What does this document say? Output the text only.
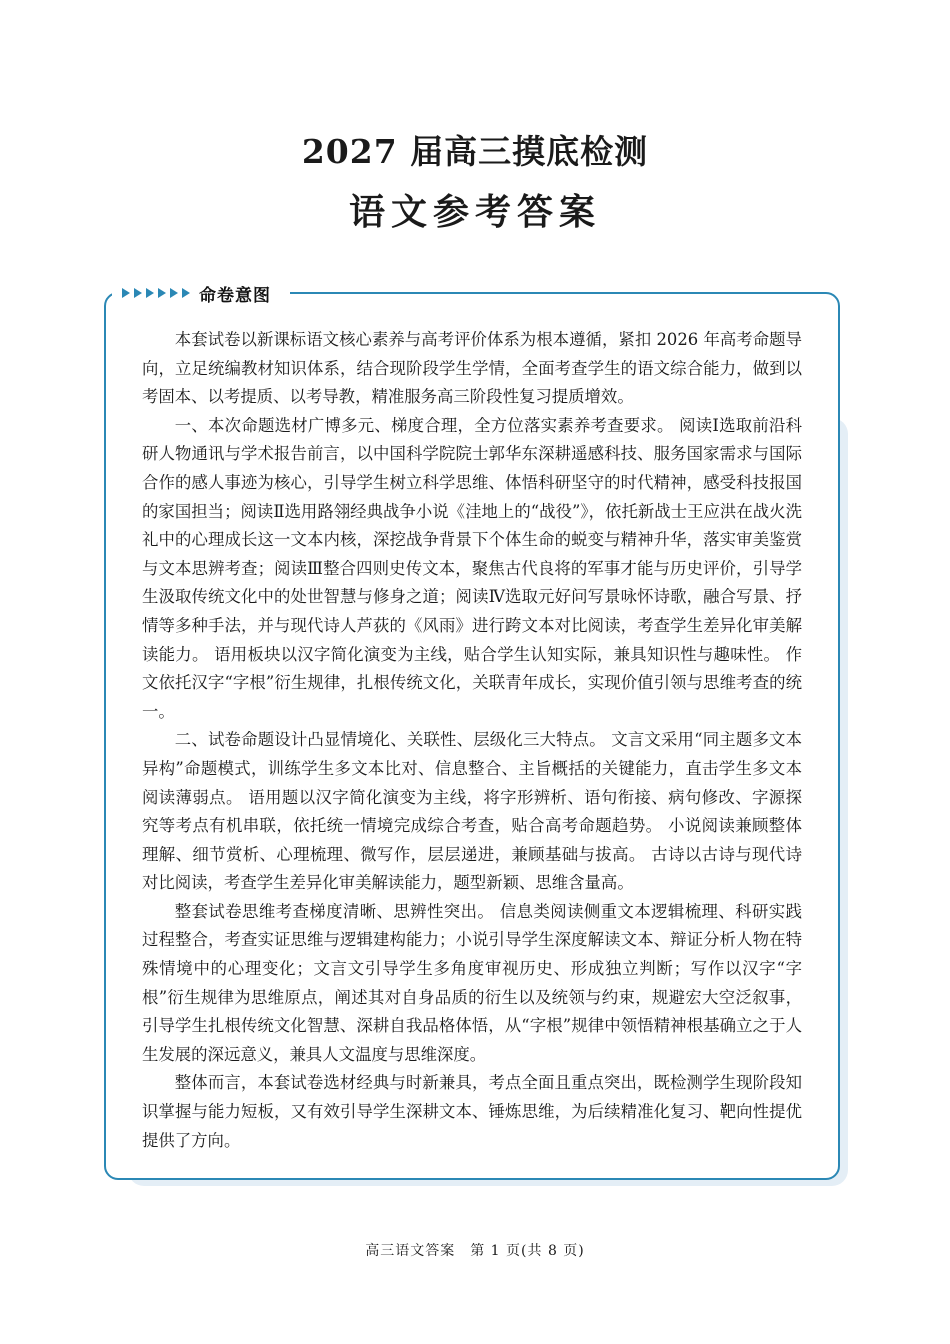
2027 届高三摸底检测
语文参考答案
命卷意图

本套试卷以新课标语文核心素养与高考评价体系为根本遵循，紧扣 2026 年高考命题导向，立足统编教材知识体系，结合现阶段学生学情，全面考查学生的语文综合能力，做到以考固本、以考提质、以考导教，精准服务高三阶段性复习提质增效。

一、本次命题选材广博多元、梯度合理，全方位落实素养考查要求。 阅读Ⅰ选取前沿科研人物通讯与学术报告前言，以中国科学院院士郭华东深耕遥感科技、服务国家需求与国际合作的感人事迹为核心，引导学生树立科学思维、体悟科研坚守的时代精神，感受科技报国的家国担当；阅读Ⅱ选用路翎经典战争小说《洼地上的“战役”》，依托新战士王应洪在战火洗礼中的心理成长这一文本内核，深挖战争背景下个体生命的蜕变与精神升华，落实审美鉴赏与文本思辨考查；阅读Ⅲ整合四则史传文本，聚焦古代良将的军事才能与历史评价，引导学生汲取传统文化中的处世智慧与修身之道；阅读Ⅳ选取元好问写景咏怀诗歌，融合写景、抒情等多种手法，并与现代诗人芦荻的《风雨》进行跨文本对比阅读，考查学生差异化审美解读能力。 语用板块以汉字简化演变为主线，贴合学生认知实际，兼具知识性与趣味性。 作文依托汉字“字根”衍生规律，扎根传统文化，关联青年成长，实现价值引领与思维考查的统一。

二、试卷命题设计凸显情境化、关联性、层级化三大特点。 文言文采用“同主题多文本异构”命题模式，训练学生多文本比对、信息整合、主旨概括的关键能力，直击学生多文本阅读薄弱点。 语用题以汉字简化演变为主线，将字形辨析、语句衔接、病句修改、字源探究等考点有机串联，依托统一情境完成综合考查，贴合高考命题趋势。 小说阅读兼顾整体理解、细节赏析、心理梳理、微写作，层层递进，兼顾基础与拔高。 古诗以古诗与现代诗对比阅读，考查学生差异化审美解读能力，题型新颖、思维含量高。

整套试卷思维考查梯度清晰、思辨性突出。 信息类阅读侧重文本逻辑梳理、科研实践过程整合，考查实证思维与逻辑建构能力；小说引导学生深度解读文本、辩证分析人物在特殊情境中的心理变化；文言文引导学生多角度审视历史、形成独立判断；写作以汉字“字根”衍生规律为思维原点，阐述其对自身品质的衍生以及统领与约束，规避宏大空泛叙事，引导学生扎根传统文化智慧、深耕自我品格体悟，从“字根”规律中领悟精神根基确立之于人生发展的深远意义，兼具人文温度与思维深度。

整体而言，本套试卷选材经典与时新兼具，考点全面且重点突出，既检测学生现阶段知识掌握与能力短板，又有效引导学生深耕文本、锤炼思维，为后续精准化复习、靶向性提优提供了方向。

高三语文答案　第 1 页(共 8 页)
